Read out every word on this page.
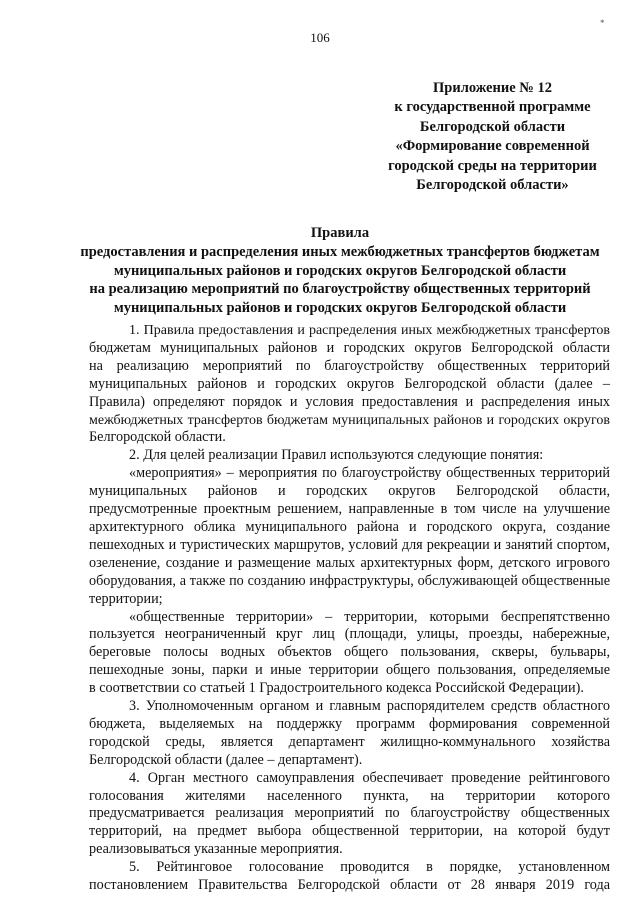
106
*
Приложение № 12
к государственной программе
Белгородской области
«Формирование современной
городской среды на территории
Белгородской области»
Правила
предоставления и распределения иных межбюджетных трансфертов бюджетам
муниципальных районов и городских округов Белгородской области
на реализацию мероприятий по благоустройству общественных территорий
муниципальных районов и городских округов Белгородской области
1. Правила предоставления и распределения иных межбюджетных трансфертов
бюджетам муниципальных районов и городских округов Белгородской области
на реализацию мероприятий по благоустройству общественных территорий
муниципальных районов и городских округов Белгородской области (далее –
Правила) определяют порядок и условия предоставления и распределения иных
межбюджетных трансфертов бюджетам муниципальных районов и городских округов
Белгородской области.
2. Для целей реализации Правил используются следующие понятия:
«мероприятия» – мероприятия по благоустройству общественных территорий
муниципальных районов и городских округов Белгородской области,
предусмотренные проектным решением, направленные в том числе на улучшение
архитектурного облика муниципального района и городского округа, создание
пешеходных и туристических маршрутов, условий для рекреации и занятий спортом,
озеленение, создание и размещение малых архитектурных форм, детского игрового
оборудования, а также по созданию инфраструктуры, обслуживающей общественные
территории;
«общественные территории» – территории, которыми беспрепятственно
пользуется неограниченный круг лиц (площади, улицы, проезды, набережные,
береговые полосы водных объектов общего пользования, скверы, бульвары,
пешеходные зоны, парки и иные территории общего пользования, определяемые
в соответствии со статьей 1 Градостроительного кодекса Российской Федерации).
3. Уполномоченным органом и главным распорядителем средств областного
бюджета, выделяемых на поддержку программ формирования современной
городской среды, является департамент жилищно-коммунального хозяйства
Белгородской области (далее – департамент).
4. Орган местного самоуправления обеспечивает проведение рейтингового
голосования жителями населенного пункта, на территории которого
предусматривается реализация мероприятий по благоустройству общественных
территорий, на предмет выбора общественной территории, на которой будут
реализовываться указанные мероприятия.
5. Рейтинговое голосование проводится в порядке, установленном
постановлением Правительства Белгородской области от 28 января 2019 года
